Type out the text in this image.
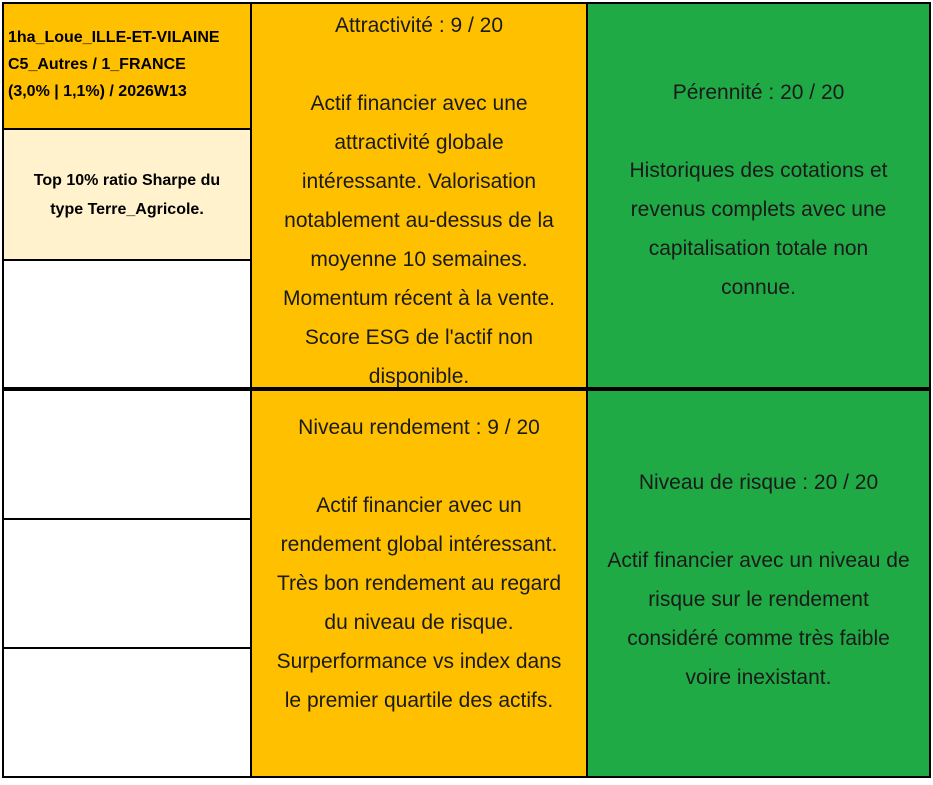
1ha_Loue_ILLE-ET-VILAINE
C5_Autres / 1_FRANCE
(3,0% | 1,1%) / 2026W13
Top 10% ratio Sharpe du
type Terre_Agricole.
Attractivité : 9 / 20
Actif financier avec une
attractivité globale
intéressante. Valorisation
notablement au-dessus de la
moyenne 10 semaines.
Momentum récent à la vente.
Score ESG de l'actif non
disponible.
Pérennité : 20 / 20
Historiques des cotations et
revenus complets avec une
capitalisation totale non
connue.
Niveau rendement : 9 / 20
Actif financier avec un
rendement global intéressant.
Très bon rendement au regard
du niveau de risque.
Surperformance vs index dans
le premier quartile des actifs.
Niveau de risque : 20 / 20
Actif financier avec un niveau de
risque sur le rendement
considéré comme très faible
voire inexistant.
